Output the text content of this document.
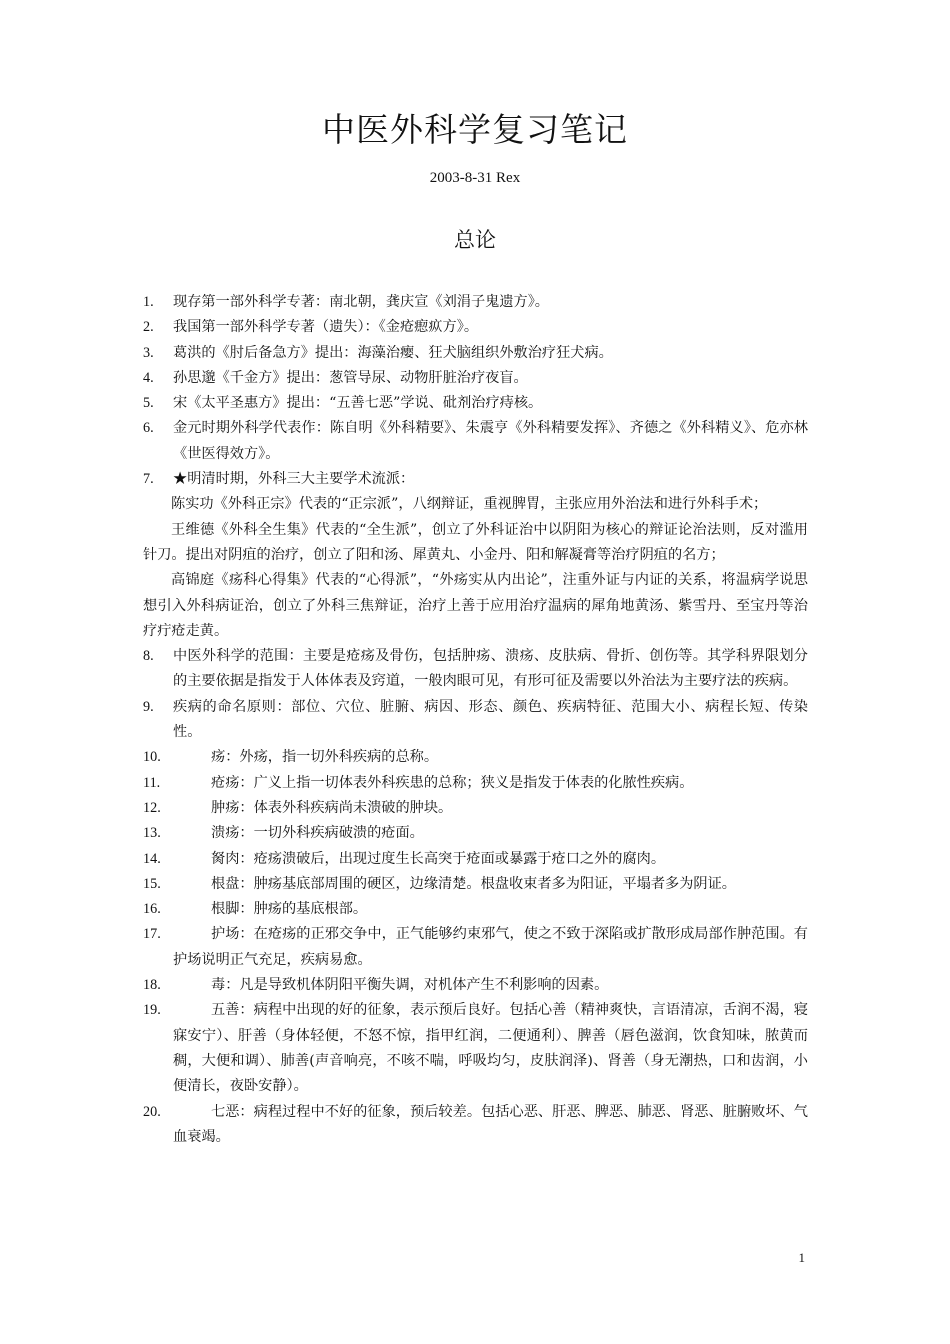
中医外科学复习笔记
2003-8-31 Rex
总论
1. 现存第一部外科学专著：南北朝，龚庆宣《刘涓子鬼遗方》。
2. 我国第一部外科学专著（遗失）：《金疮瘛疭方》。
3. 葛洪的《肘后备急方》提出：海藻治瘿、狂犬脑组织外敷治疗狂犬病。
4. 孙思邈《千金方》提出：葱管导尿、动物肝脏治疗夜盲。
5. 宋《太平圣惠方》提出：“五善七恶”学说、砒剂治疗痔核。
6. 金元时期外科学代表作：陈自明《外科精要》、朱震亨《外科精要发挥》、齐德之《外科精义》、危亦林《世医得效方》。
7. ★明清时期，外科三大主要学术流派：
陈实功《外科正宗》代表的“正宗派”，八纲辩证，重视脾胃，主张应用外治法和进行外科手术；
王维德《外科全生集》代表的“全生派”，创立了外科证治中以阴阳为核心的辩证论治法则，反对滥用针刀。提出对阴疽的治疗，创立了阳和汤、犀黄丸、小金丹、阳和解凝膏等治疗阴疽的名方；
高锦庭《疡科心得集》代表的“心得派”，“外疡实从内出论”，注重外证与内证的关系，将温病学说思想引入外科病证治，创立了外科三焦辩证，治疗上善于应用治疗温病的犀角地黄汤、紫雪丹、至宝丹等治疗疔疮走黄。
8. 中医外科学的范围：主要是疮疡及骨伤，包括肿疡、溃疡、皮肤病、骨折、创伤等。其学科界限划分的主要依据是指发于人体体表及窍道，一般肉眼可见，有形可征及需要以外治法为主要疗法的疾病。
9. 疾病的命名原则：部位、穴位、脏腑、病因、形态、颜色、疾病特征、范围大小、病程长短、传染性。
10.	疡：外疡，指一切外科疾病的总称。
11.	疮疡：广义上指一切体表外科疾患的总称；狭义是指发于体表的化脓性疾病。
12.	肿疡：体表外科疾病尚未溃破的肿块。
13.	溃疡：一切外科疾病破溃的疮面。
14.	胬肉：疮疡溃破后，出现过度生长高突于疮面或暴露于疮口之外的腐肉。
15.	根盘：肿疡基底部周围的硬区，边缘清楚。根盘收束者多为阳证，平塌者多为阴证。
16.	根脚：肿疡的基底根部。
17.	护场：在疮疡的正邪交争中，正气能够约束邪气，使之不致于深陷或扩散形成局部作肿范围。有护场说明正气充足，疾病易愈。
18.	毒：凡是导致机体阴阳平衡失调，对机体产生不利影响的因素。
19.	五善：病程中出现的好的征象，表示预后良好。包括心善（精神爽快，言语清凉，舌润不渴，寝寐安宁）、肝善（身体轻便，不怒不惊，指甲红润，二便通利）、脾善（唇色滋润，饮食知味，脓黄而稠，大便和调）、肺善(声音响亮，不咳不喘，呼吸均匀，皮肤润泽)、肾善（身无潮热，口和齿润，小便清长，夜卧安静）。
20.	七恶：病程过程中不好的征象，预后较差。包括心恶、肝恶、脾恶、肺恶、肾恶、脏腑败坏、气血衰竭。
1
